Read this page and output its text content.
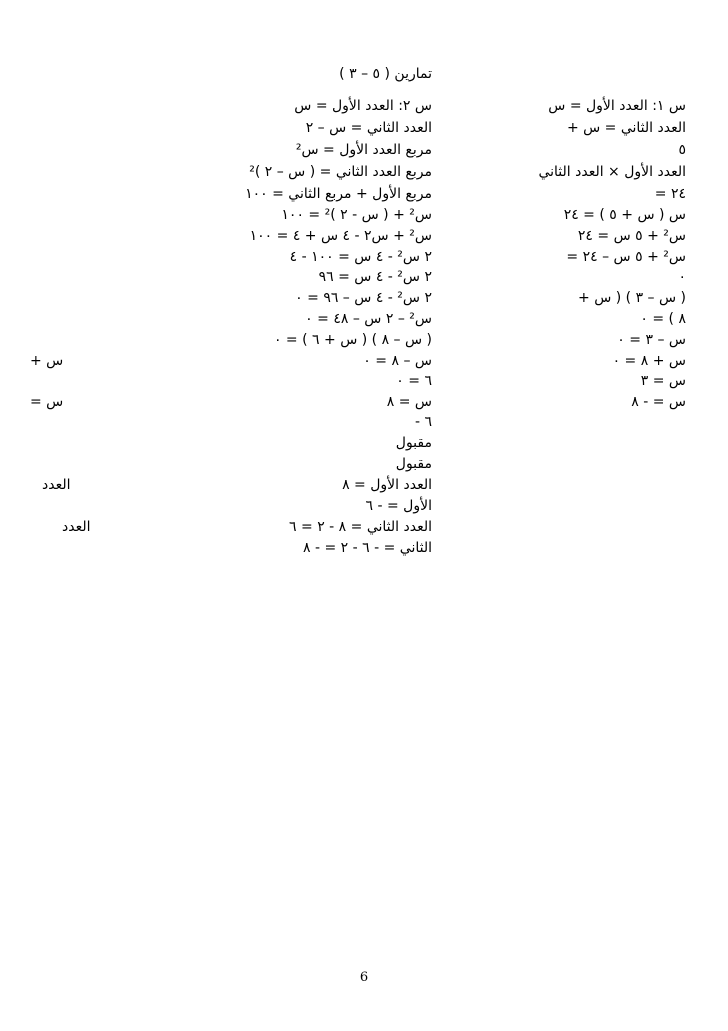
تمارين ( ٥ – ٣ )
س ٢: العدد الأول = س
العدد الثاني = س – ٢
مربع العدد الأول = س²
مربع العدد الثاني = ( س – ٢ )²
مربع الأول + مربع الثاني = ١٠٠
س² + ( س - ٢ )² = ١٠٠
س² + س٢ - ٤ س + ٤ = ١٠٠
٢ س² - ٤ س = ١٠٠ - ٤
٢ س² - ٤ س = ٩٦
٢ س² - ٤ س – ٩٦ = ٠
س² – ٢ س – ٤٨ = ٠
( س – ٨ ) ( س + ٦ ) = ٠
س – ٨ = ٠
٦ = ٠
س = ٨
- ٦
مقبول
مقبول
العدد الأول = ٨
الأول = - ٦
العدد الثاني = ٨ - ٢ = ٦
الثاني = - ٦ - ٢ = - ٨
س ١: العدد الأول = س
العدد الثاني = س +
٥
العدد الأول × العدد الثاني
= ٢٤
س ( س + ٥ ) = ٢٤
س² + ٥ س = ٢٤
س² + ٥ س – ٢٤ =
٠
( س – ٣ ) ( س +
٨ ) = ٠
س – ٣ = ٠
س + ٨ = ٠
س = ٣
س = - ٨
س +
س =
العدد
العدد
6
